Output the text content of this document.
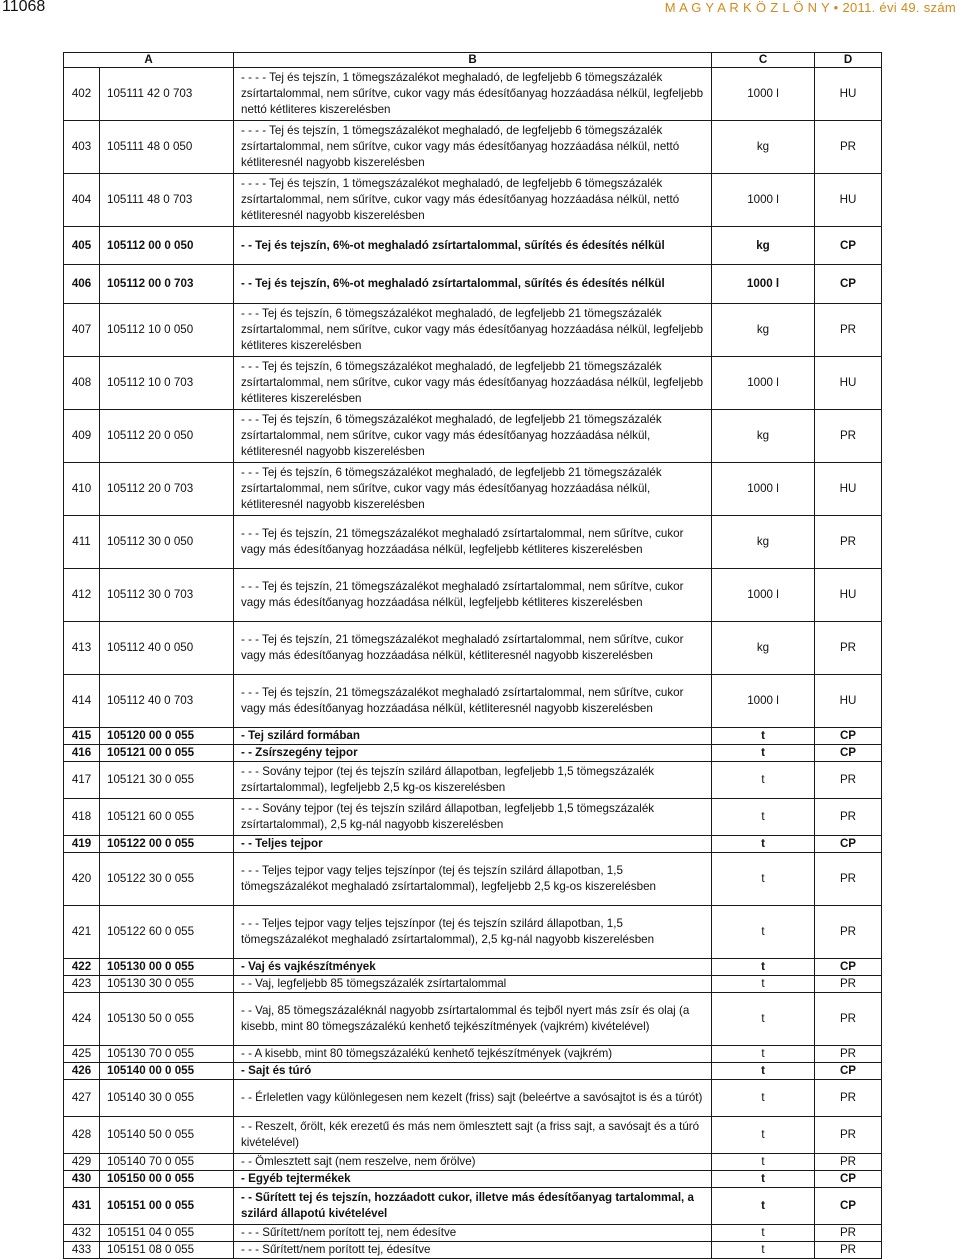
11068	M A G Y A R K Ö Z L Ö N Y • 2011. évi 49. szám
A		B	C	D
402	105111 42 0 703	- - - - Tej és tejszín, 1 tömegszázalékot meghaladó, de legfeljebb 6 tömegszázalék zsírtartalommal, nem sűrítve, cukor vagy más édesítőanyag hozzáadása nélkül, legfeljebb nettó kétliteres kiszerelésben	1000 l	HU
403	105111 48 0 050	- - - - Tej és tejszín, 1 tömegszázalékot meghaladó, de legfeljebb 6 tömegszázalék zsírtartalommal, nem sűrítve, cukor vagy más édesítőanyag hozzáadása nélkül, nettó kétliteresnél nagyobb kiszerelésben	kg	PR
404	105111 48 0 703	- - - - Tej és tejszín, 1 tömegszázalékot meghaladó, de legfeljebb 6 tömegszázalék zsírtartalommal, nem sűrítve, cukor vagy más édesítőanyag hozzáadása nélkül, nettó kétliteresnél nagyobb kiszerelésben	1000 l	HU
405	105112 00 0 050	- - Tej és tejszín, 6%-ot meghaladó zsírtartalommal, sűrítés és édesítés nélkül	kg	CP
406	105112 00 0 703	- - Tej és tejszín, 6%-ot meghaladó zsírtartalommal, sűrítés és édesítés nélkül	1000 l	CP
407	105112 10 0 050	- - - Tej és tejszín, 6 tömegszázalékot meghaladó, de legfeljebb 21 tömegszázalék zsírtartalommal, nem sűrítve, cukor vagy más édesítőanyag hozzáadása nélkül, legfeljebb kétliteres kiszerelésben	kg	PR
408	105112 10 0 703	- - - Tej és tejszín, 6 tömegszázalékot meghaladó, de legfeljebb 21 tömegszázalék zsírtartalommal, nem sűrítve, cukor vagy más édesítőanyag hozzáadása nélkül, legfeljebb kétliteres kiszerelésben	1000 l	HU
409	105112 20 0 050	- - - Tej és tejszín, 6 tömegszázalékot meghaladó, de legfeljebb 21 tömegszázalék zsírtartalommal, nem sűrítve, cukor vagy más édesítőanyag hozzáadása nélkül, kétliteresnél nagyobb kiszerelésben	kg	PR
410	105112 20 0 703	- - - Tej és tejszín, 6 tömegszázalékot meghaladó, de legfeljebb 21 tömegszázalék zsírtartalommal, nem sűrítve, cukor vagy más édesítőanyag hozzáadása nélkül, kétliteresnél nagyobb kiszerelésben	1000 l	HU
411	105112 30 0 050	- - - Tej és tejszín, 21 tömegszázalékot meghaladó zsírtartalommal, nem sűrítve, cukor vagy más édesítőanyag hozzáadása nélkül, legfeljebb kétliteres kiszerelésben	kg	PR
412	105112 30 0 703	- - - Tej és tejszín, 21 tömegszázalékot meghaladó zsírtartalommal, nem sűrítve, cukor vagy más édesítőanyag hozzáadása nélkül, legfeljebb kétliteres kiszerelésben	1000 l	HU
413	105112 40 0 050	- - - Tej és tejszín, 21 tömegszázalékot meghaladó zsírtartalommal, nem sűrítve, cukor vagy más édesítőanyag hozzáadása nélkül, kétliteresnél nagyobb kiszerelésben	kg	PR
414	105112 40 0 703	- - - Tej és tejszín, 21 tömegszázalékot meghaladó zsírtartalommal, nem sűrítve, cukor vagy más édesítőanyag hozzáadása nélkül, kétliteresnél nagyobb kiszerelésben	1000 l	HU
415	105120 00 0 055	- Tej szilárd formában	t	CP
416	105121 00 0 055	- - Zsírszegény tejpor	t	CP
417	105121 30 0 055	- - - Sovány tejpor (tej és tejszín szilárd állapotban, legfeljebb 1,5 tömegszázalék zsírtartalommal), legfeljebb 2,5 kg-os kiszerelésben	t	PR
418	105121 60 0 055	- - - Sovány tejpor (tej és tejszín szilárd állapotban, legfeljebb 1,5 tömegszázalék zsírtartalommal), 2,5 kg-nál nagyobb kiszerelésben	t	PR
419	105122 00 0 055	- - Teljes tejpor	t	CP
420	105122 30 0 055	- - - Teljes tejpor vagy teljes tejszínpor (tej és tejszín szilárd állapotban, 1,5 tömegszázalékot meghaladó zsírtartalommal), legfeljebb 2,5 kg-os kiszerelésben	t	PR
421	105122 60 0 055	- - - Teljes tejpor vagy teljes tejszínpor (tej és tejszín szilárd állapotban, 1,5 tömegszázalékot meghaladó zsírtartalommal), 2,5 kg-nál nagyobb kiszerelésben	t	PR
422	105130 00 0 055	- Vaj és vajkészítmények	t	CP
423	105130 30 0 055	- - Vaj, legfeljebb 85 tömegszázalék zsírtartalommal	t	PR
424	105130 50 0 055	- - Vaj, 85 tömegszázaléknál nagyobb zsírtartalommal és tejből nyert más zsír és olaj (a kisebb, mint 80 tömegszázalékú kenhető tejkészítmények (vajkrém) kivételével)	t	PR
425	105130 70 0 055	- - A kisebb, mint 80 tömegszázalékú kenhető tejkészítmények (vajkrém)	t	PR
426	105140 00 0 055	- Sajt és túró	t	CP
427	105140 30 0 055	- - Érleletlen vagy különlegesen nem kezelt (friss) sajt (beleértve a savósajtot is és a túrót)	t	PR
428	105140 50 0 055	- - Reszelt, őrölt, kék erezetű és más nem ömlesztett sajt (a friss sajt, a savósajt és a túró kivételével)	t	PR
429	105140 70 0 055	- - Ömlesztett sajt (nem reszelve, nem őrölve)	t	PR
430	105150 00 0 055	- Egyéb tejtermékek	t	CP
431	105151 00 0 055	- - Sűrített tej és tejszín, hozzáadott cukor, illetve más édesítőanyag tartalommal, a szilárd állapotú kivételével	t	CP
432	105151 04 0 055	- - - Sűrített/nem porított tej, nem édesítve	t	PR
433	105151 08 0 055	- - - Sűrített/nem porított tej, édesítve	t	PR
